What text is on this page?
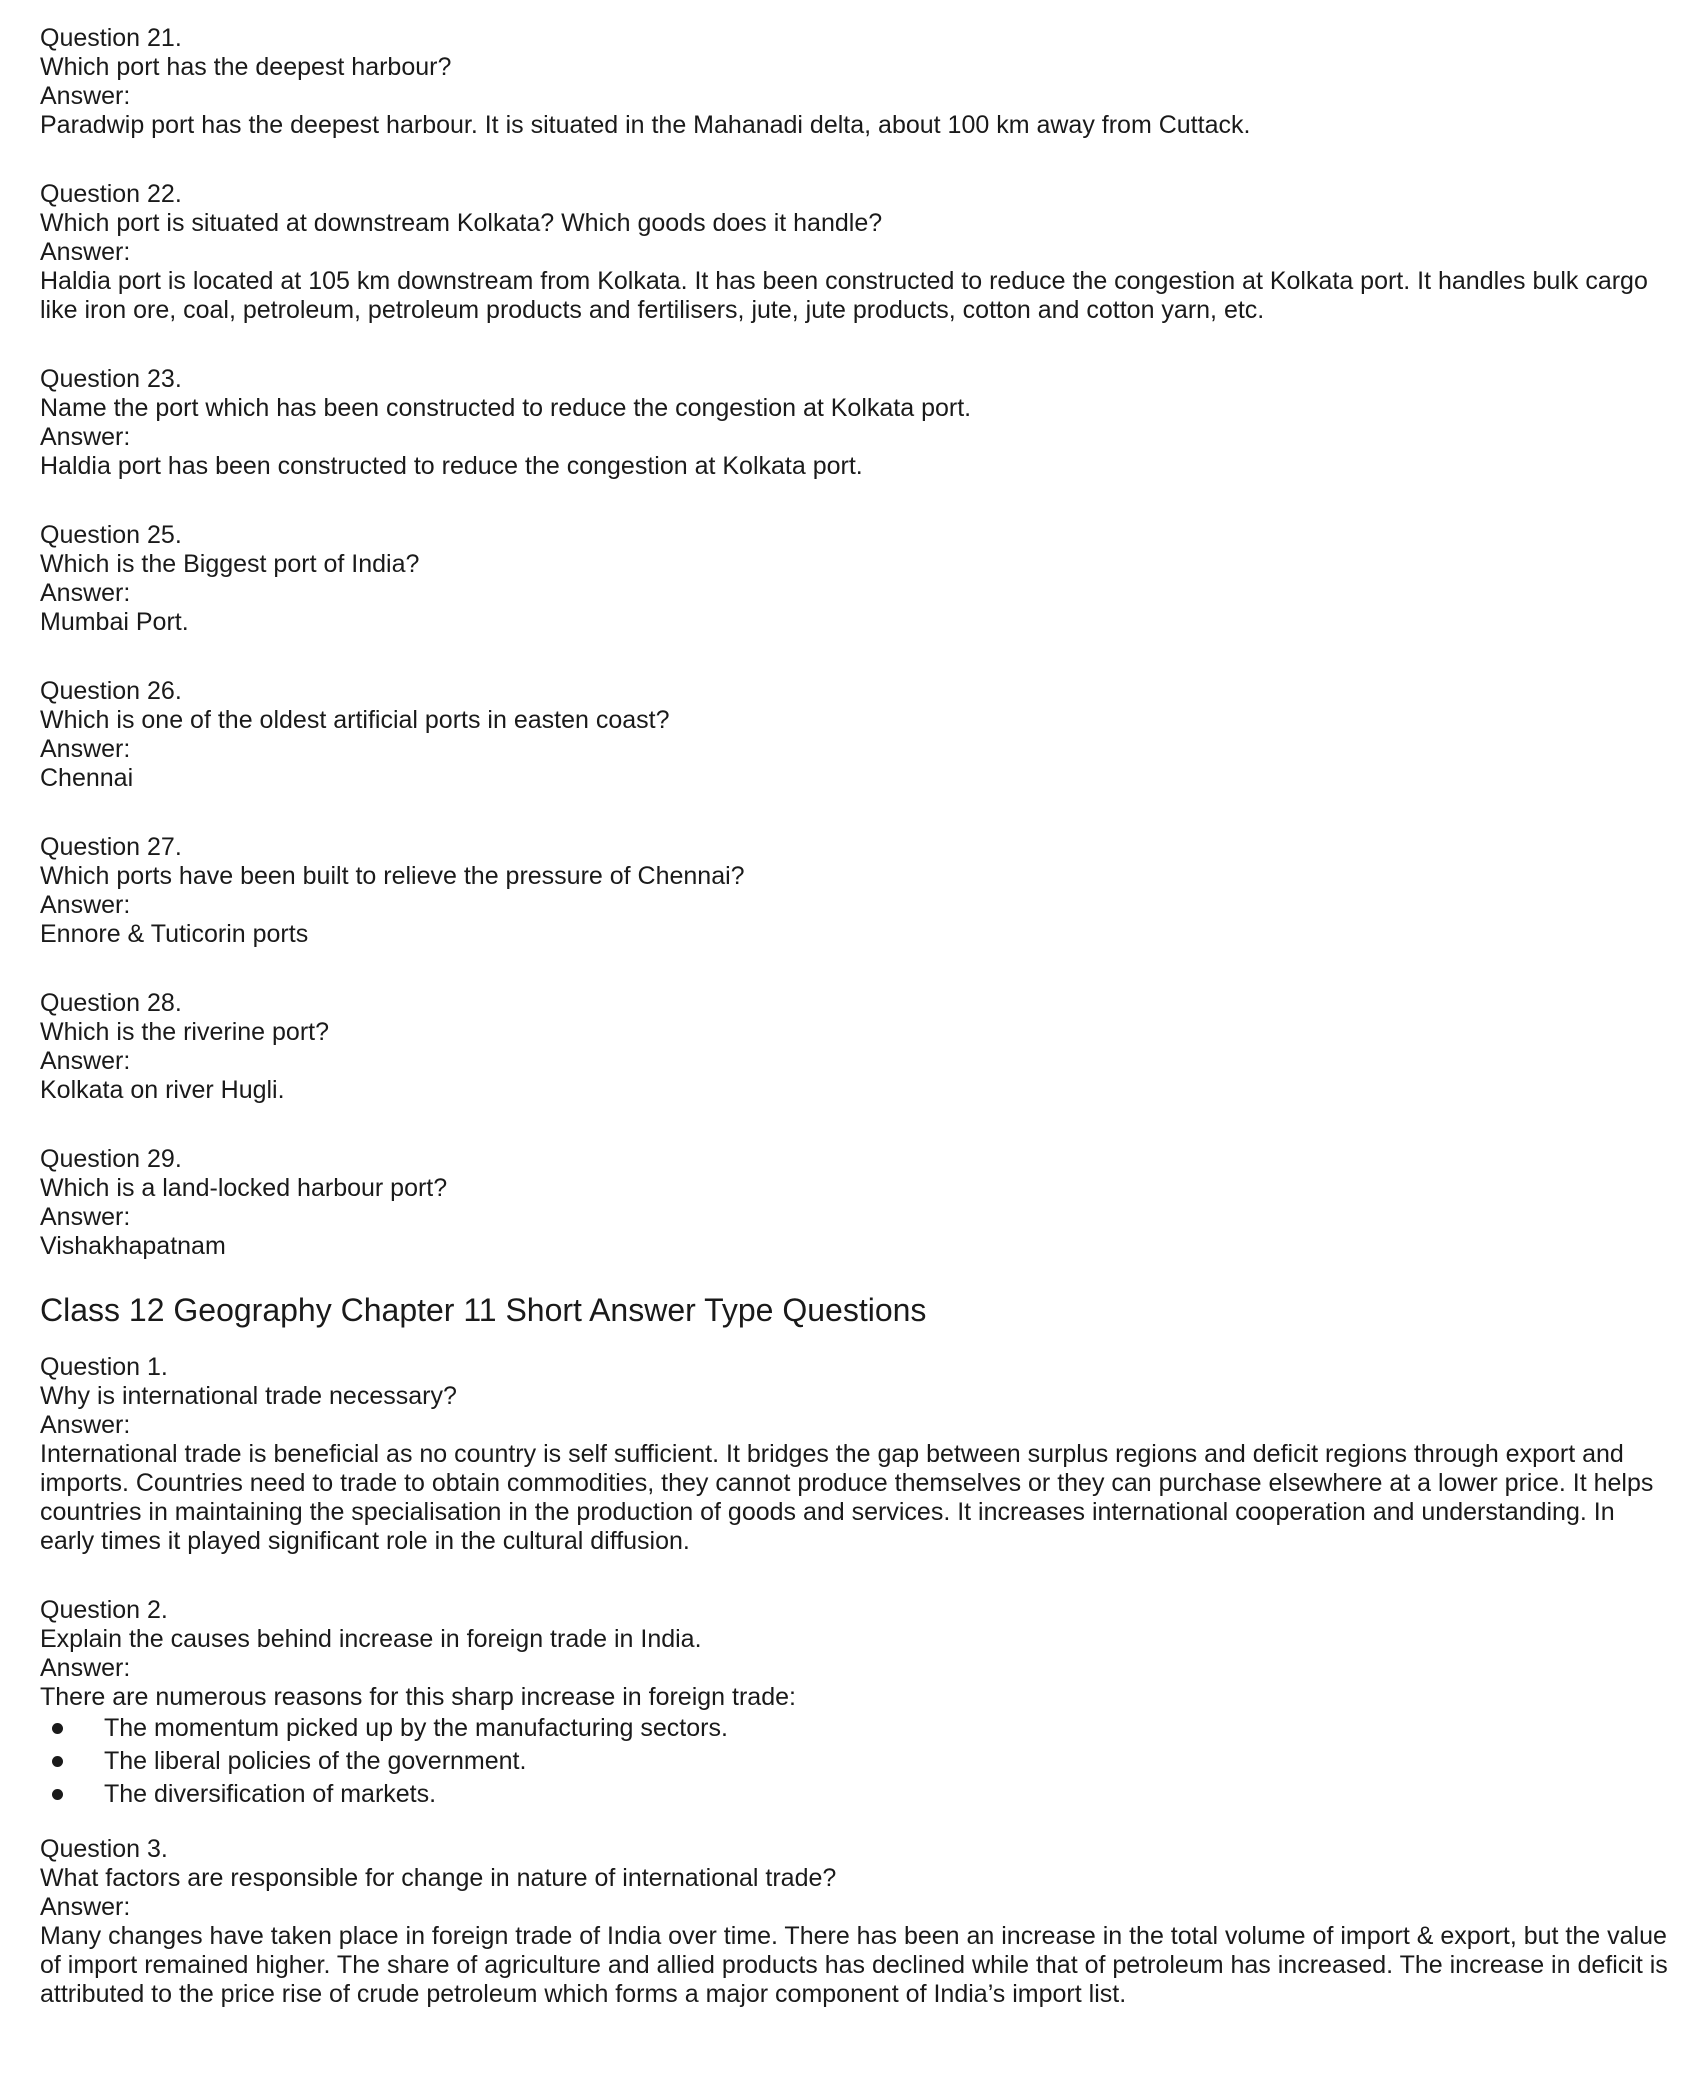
Question 21.

Which port has the deepest harbour?

Answer:

Paradwip port has the deepest harbour. It is situated in the Mahanadi delta, about 100 km away from Cuttack.

Question 22.

Which port is situated at downstream Kolkata? Which goods does it handle?

Answer:

Haldia port is located at 105 km downstream from Kolkata. It has been constructed to reduce the congestion at Kolkata port. It handles bulk cargo like iron ore, coal, petroleum, petroleum products and fertilisers, jute, jute products, cotton and cotton yarn, etc.

Question 23.

Name the port which has been constructed to reduce the congestion at Kolkata port.

Answer:

Haldia port has been constructed to reduce the congestion at Kolkata port.

Question 25.

Which is the Biggest port of India?

Answer:

Mumbai Port.

Question 26.

Which is one of the oldest artificial ports in easten coast?

Answer:

Chennai

Question 27.

Which ports have been built to relieve the pressure of Chennai?

Answer:

Ennore & Tuticorin ports

Question 28.

Which is the riverine port?

Answer:

Kolkata on river Hugli.

Question 29.

Which is a land-locked harbour port?

Answer:

Vishakhapatnam

Class 12 Geography Chapter 11 Short Answer Type Questions

Question 1.

Why is international trade necessary?

Answer:

International trade is beneficial as no country is self sufficient. It bridges the gap between surplus regions and deficit regions through export and imports. Countries need to trade to obtain commodities, they cannot produce themselves or they can purchase elsewhere at a lower price. It helps countries in maintaining the specialisation in the production of goods and services. It increases international cooperation and understanding. In early times it played significant role in the cultural diffusion.

Question 2.

Explain the causes behind increase in foreign trade in India.

Answer:

There are numerous reasons for this sharp increase in foreign trade:

The momentum picked up by the manufacturing sectors.
The liberal policies of the government.
The diversification of markets.

Question 3.

What factors are responsible for change in nature of international trade?

Answer:

Many changes have taken place in foreign trade of India over time. There has been an increase in the total volume of import & export, but the value of import remained higher. The share of agriculture and allied products has declined while that of petroleum has increased. The increase in deficit is attributed to the price rise of crude petroleum which forms a major component of India’s import list.
